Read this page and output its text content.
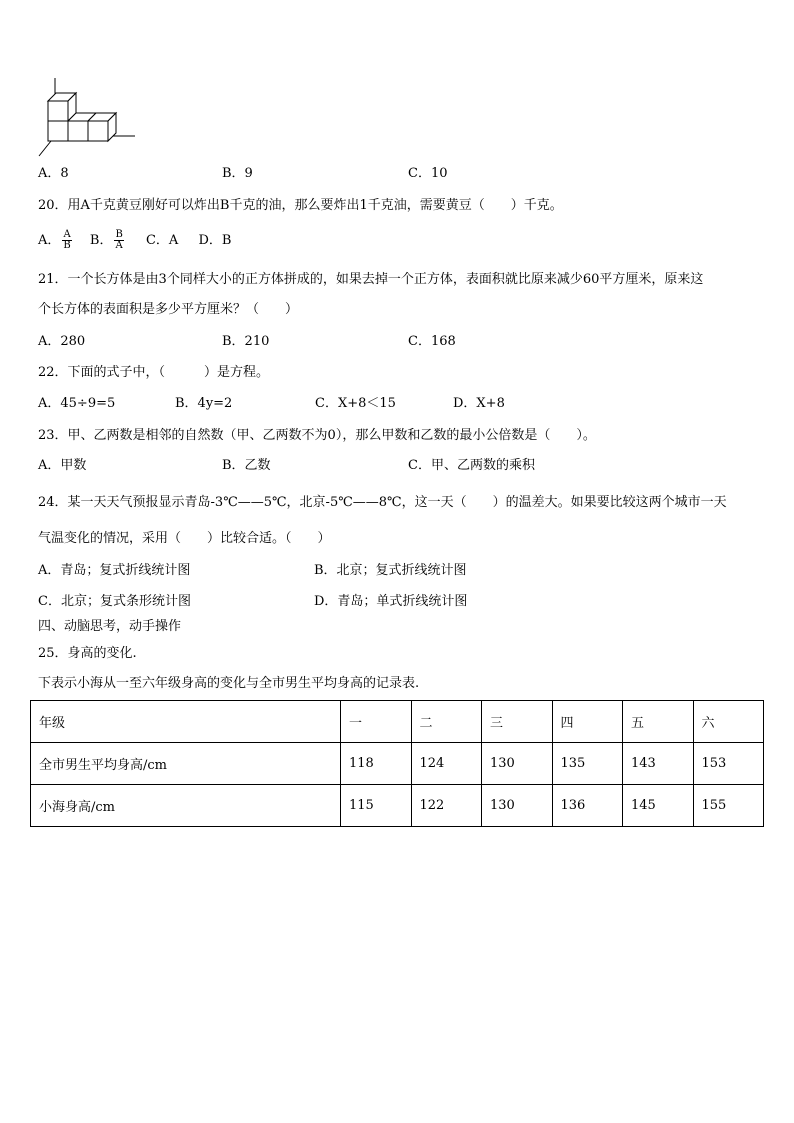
A．8	B．9	C．10
20．用A千克黄豆刚好可以炸出B千克的油，那么要炸出1千克油，需要黄豆（　　）千克。
A． $\frac{A}{B}$ B． $\frac{B}{A}$ C．A D．B
21．一个长方体是由3个同样大小的正方体拼成的，如果去掉一个正方体，表面积就比原来减少60平方厘米，原来这
个长方体的表面积是多少平方厘米？（　　）
A．280	B．210	C．168
22．下面的式子中，（　　　）是方程。
A．45÷9=5	B．4y=2	C．X+8＜15	D．X+8
23．甲、乙两数是相邻的自然数（甲、乙两数不为0），那么甲数和乙数的最小公倍数是（　　）。
A．甲数	B．乙数	C．甲、乙两数的乘积
24．某一天天气预报显示青岛-3℃——5℃，北京-5℃——8℃，这一天（　　）的温差大。如果要比较这两个城市一天
气温变化的情况，采用（　　）比较合适。（　　）
A．青岛；复式折线统计图	B．北京；复式折线统计图
C．北京；复式条形统计图	D．青岛；单式折线统计图
四、动脑思考，动手操作
25．身高的变化.
下表示小海从一至六年级身高的变化与全市男生平均身高的记录表.
年级	一	二	三	四	五	六
全市男生平均身高/cm	118	124	130	135	143	153
小海身高/cm	115	122	130	136	145	155
